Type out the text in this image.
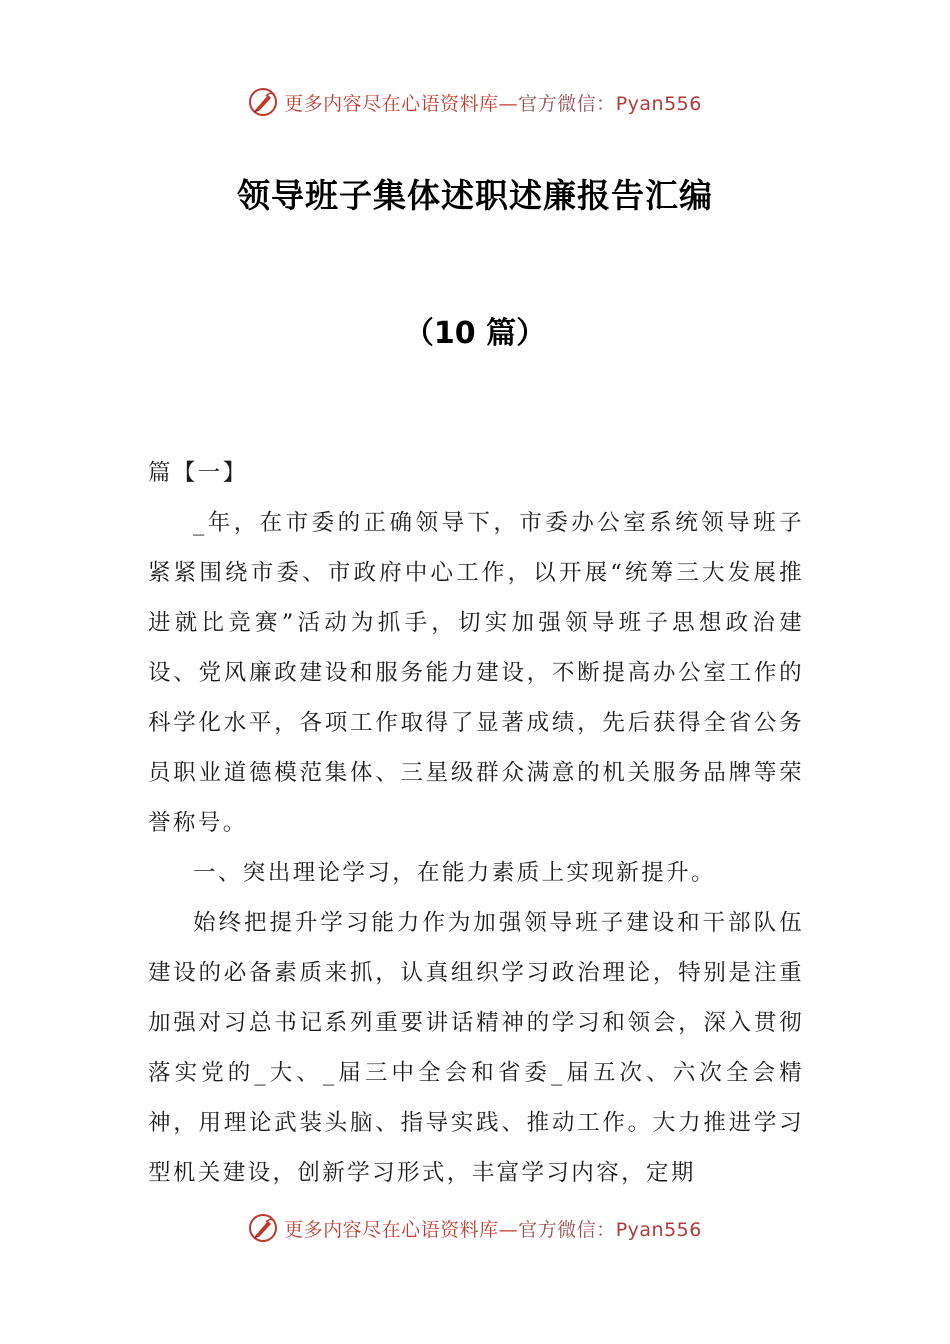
更多内容尽在心语资料库—官方微信：Pyan556
领导班子集体述职述廉报告汇编
（10 篇）

篇【一】

_年，在市委的正确领导下，市委办公室系统领导班子紧紧围绕市委、市政府中心工作，以开展“统筹三大发展推进就比竞赛”活动为抓手，切实加强领导班子思想政治建设、党风廉政建设和服务能力建设，不断提高办公室工作的科学化水平，各项工作取得了显著成绩，先后获得全省公务员职业道德模范集体、三星级群众满意的机关服务品牌等荣誉称号。

一、突出理论学习，在能力素质上实现新提升。

始终把提升学习能力作为加强领导班子建设和干部队伍建设的必备素质来抓，认真组织学习政治理论，特别是注重加强对习总书记系列重要讲话精神的学习和领会，深入贯彻落实党的_大、_届三中全会和省委_届五次、六次全会精神，用理论武装头脑、指导实践、推动工作。大力推进学习型机关建设，创新学习形式，丰富学习内容，定期

更多内容尽在心语资料库—官方微信：Pyan556
